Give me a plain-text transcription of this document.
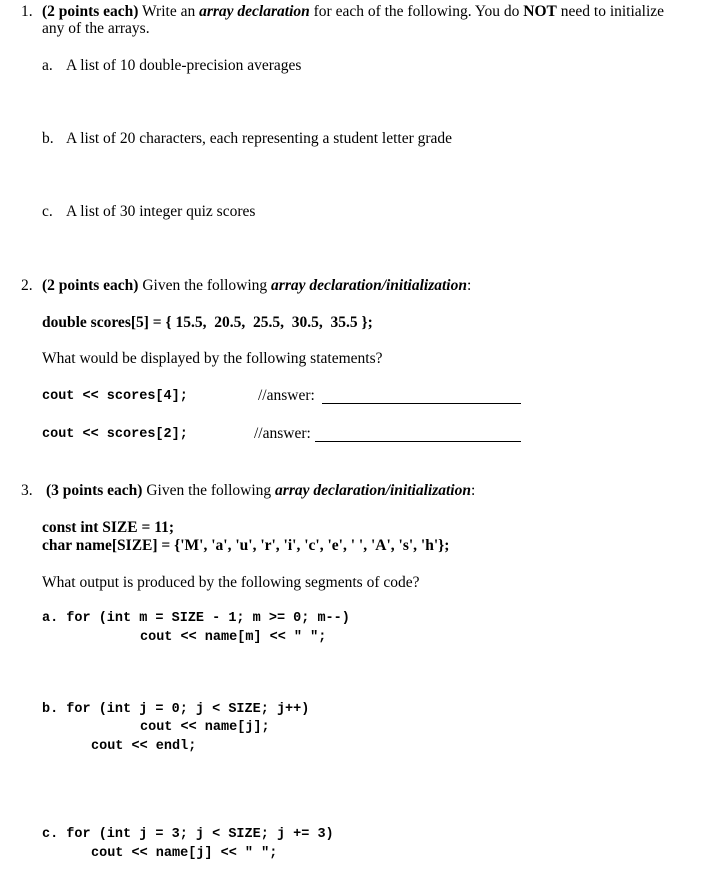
1. (2 points each) Write an array declaration for each of the following. You do NOT need to initialize
any of the arrays.
a. A list of 10 double-precision averages
b. A list of 20 characters, each representing a student letter grade
c. A list of 30 integer quiz scores
2. (2 points each) Given the following array declaration/initialization:
double scores[5] = { 15.5,  20.5,  25.5,  30.5,  35.5 };
What would be displayed by the following statements?
cout << scores[4];	//answer:
cout << scores[2];	//answer:
3. (3 points each) Given the following array declaration/initialization:
const int SIZE = 11;
char name[SIZE] = {'M', 'a', 'u', 'r', 'i', 'c', 'e', ' ', 'A', 's', 'h'};
What output is produced by the following segments of code?
a. for (int m = SIZE - 1; m >= 0; m--)
cout << name[m] << " ";
b. for (int j = 0; j < SIZE; j++)
cout << name[j];
cout << endl;
c. for (int j = 3; j < SIZE; j += 3)
cout << name[j] << " ";
